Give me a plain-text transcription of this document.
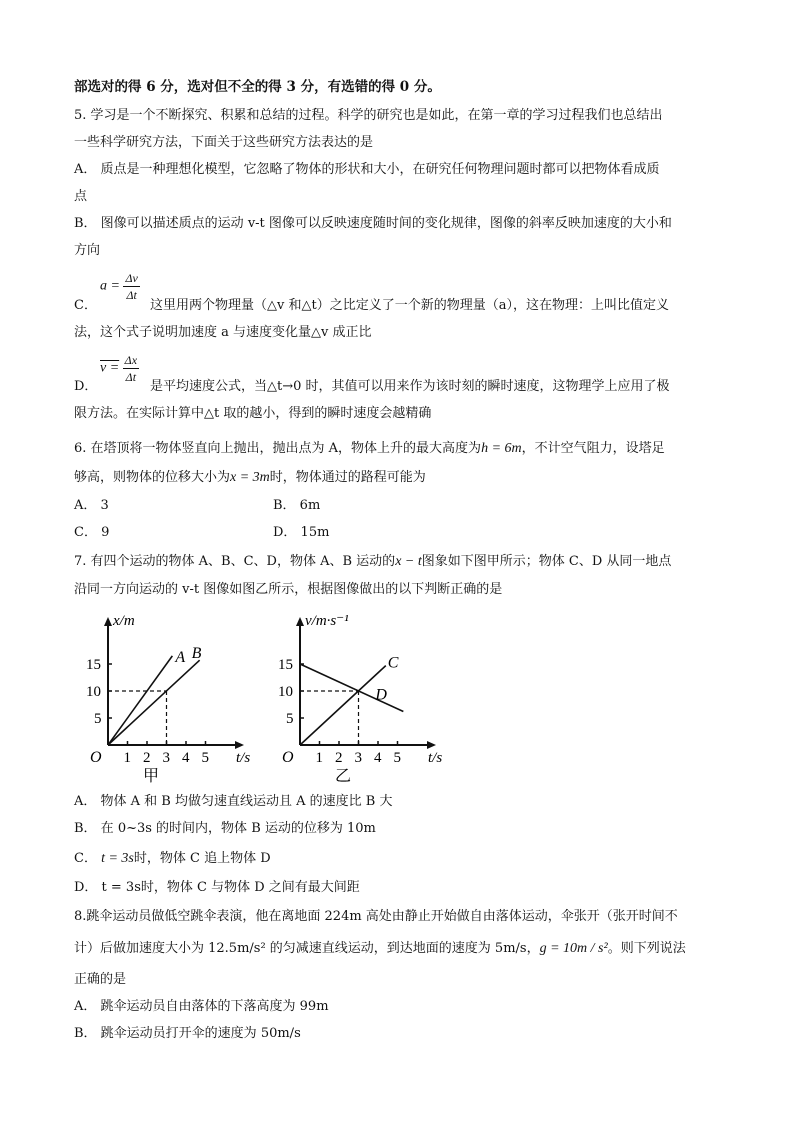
部选对的得 6 分，选对但不全的得 3 分，有选错的得 0 分。
5. 学习是一个不断探究、积累和总结的过程。科学的研究也是如此，在第一章的学习过程我们也总结出
一些科学研究方法，下面关于这些研究方法表达的是
A． 质点是一种理想化模型，它忽略了物体的形状和大小，在研究任何物理问题时都可以把物体看成质
点
B． 图像可以描述质点的运动 v-t 图像可以反映速度随时间的变化规律，图像的斜率反映加速度的大小和
方向
$a = \frac{\Delta v}{\Delta t}$
C．	这里用两个物理量（△v 和△t）之比定义了一个新的物理量（a），这在物理：上叫比值定义
法，这个式子说明加速度 a 与速度变化量△v 成正比
$v = \frac{\Delta x}{\Delta t}$
D．	是平均速度公式，当△t→0 时，其值可以用来作为该时刻的瞬时速度，这物理学上应用了极
限方法。在实际计算中△t 取的越小，得到的瞬时速度会越精确
6. 在塔顶将一物体竖直向上抛出，抛出点为 A，物体上升的最大高度为h = 6m，不计空气阻力，设塔足
够高，则物体的位移大小为x = 3m时，物体通过的路程可能为
A． 3	B． 6m
C． 9	D． 15m
7. 有四个运动的物体 A、B、C、D，物体 A、B 运动的x − t图象如下图甲所示；物体 C、D 从同一地点
沿同一方向运动的 v-t 图像如图乙所示，根据图像做出的以下判断正确的是
x/m
t/s
O 1 2 3 4 5
5
10
15	A B
甲
v/m·s⁻¹
t/s
O 1 2 3 4 5
5
10
15	C
D
乙
A． 物体 A 和 B 均做匀速直线运动且 A 的速度比 B 大
B． 在 0~3s 的时间内，物体 B 运动的位移为 10m
C． t = 3s时，物体 C 追上物体 D
D． t = 3s时，物体 C 与物体 D 之间有最大间距
8.跳伞运动员做低空跳伞表演，他在离地面 224m 高处由静止开始做自由落体运动，伞张开（张开时间不
计）后做加速度大小为 12.5m/s² 的匀减速直线运动，到达地面的速度为 5m/s，g = 10m / s²。则下列说法
正确的是
A． 跳伞运动员自由落体的下落高度为 99m
B． 跳伞运动员打开伞的速度为 50m/s
